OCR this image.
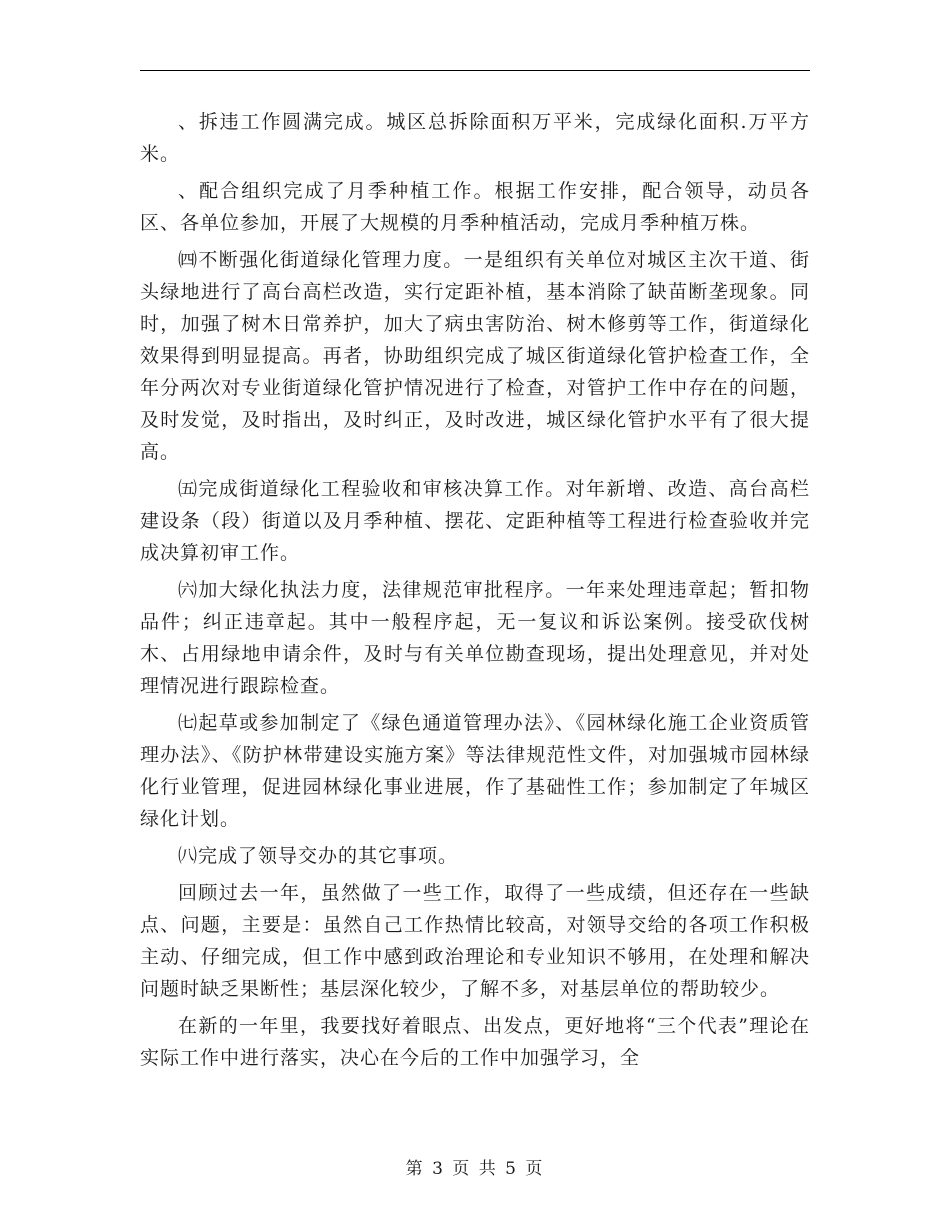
、拆违工作圆满完成。城区总拆除面积万平米，完成绿化面积.万平方米。

、配合组织完成了月季种植工作。根据工作安排，配合领导，动员各区、各单位参加，开展了大规模的月季种植活动，完成月季种植万株。

㈣不断强化街道绿化管理力度。一是组织有关单位对城区主次干道、街头绿地进行了高台高栏改造，实行定距补植，基本消除了缺苗断垄现象。同时，加强了树木日常养护，加大了病虫害防治、树木修剪等工作，街道绿化效果得到明显提高。再者，协助组织完成了城区街道绿化管护检查工作，全年分两次对专业街道绿化管护情况进行了检查，对管护工作中存在的问题，及时发觉，及时指出，及时纠正，及时改进，城区绿化管护水平有了很大提高。

㈤完成街道绿化工程验收和审核决算工作。对年新增、改造、高台高栏建设条（段）街道以及月季种植、摆花、定距种植等工程进行检查验收并完成决算初审工作。

㈥加大绿化执法力度，法律规范审批程序。一年来处理违章起；暂扣物品件；纠正违章起。其中一般程序起，无一复议和诉讼案例。接受砍伐树木、占用绿地申请余件，及时与有关单位勘查现场，提出处理意见，并对处理情况进行跟踪检查。

㈦起草或参加制定了《绿色通道管理办法》、《园林绿化施工企业资质管理办法》、《防护林带建设实施方案》等法律规范性文件，对加强城市园林绿化行业管理，促进园林绿化事业进展，作了基础性工作；参加制定了年城区绿化计划。

㈧完成了领导交办的其它事项。

回顾过去一年，虽然做了一些工作，取得了一些成绩，但还存在一些缺点、问题，主要是：虽然自己工作热情比较高，对领导交给的各项工作积极主动、仔细完成，但工作中感到政治理论和专业知识不够用，在处理和解决问题时缺乏果断性；基层深化较少，了解不多，对基层单位的帮助较少。

在新的一年里，我要找好着眼点、出发点，更好地将“三个代表”理论在实际工作中进行落实，决心在今后的工作中加强学习，全

第 3 页 共 5 页
